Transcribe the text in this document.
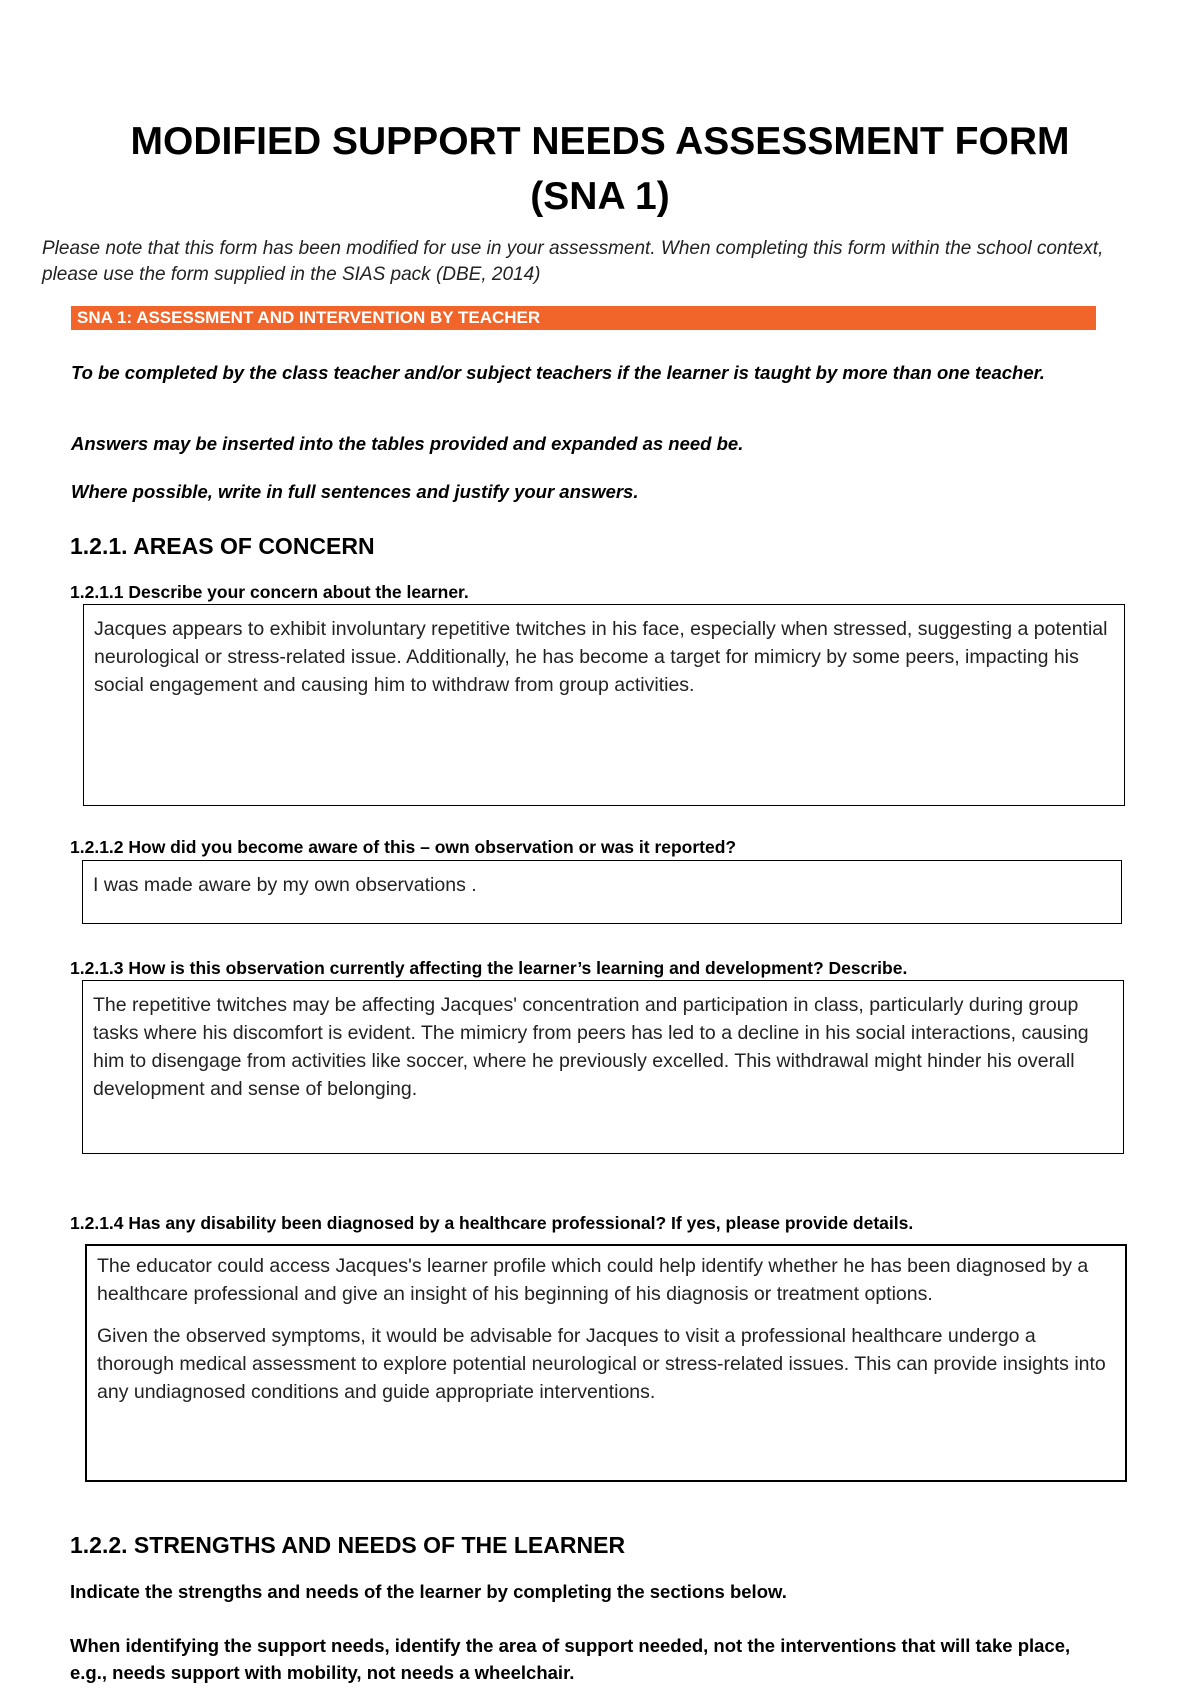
MODIFIED SUPPORT NEEDS ASSESSMENT FORM
(SNA 1)
Please note that this form has been modified for use in your assessment. When completing this form within the school context, please use the form supplied in the SIAS pack (DBE, 2014)
SNA 1: ASSESSMENT AND INTERVENTION BY TEACHER
To be completed by the class teacher and/or subject teachers if the learner is taught by more than one teacher.
Answers may be inserted into the tables provided and expanded as need be.
Where possible, write in full sentences and justify your answers.
1.2.1. AREAS OF CONCERN
1.2.1.1 Describe your concern about the learner.

Jacques appears to exhibit involuntary repetitive twitches in his face, especially when stressed, suggesting a potential neurological or stress-related issue. Additionally, he has become a target for mimicry by some peers, impacting his social engagement and causing him to withdraw from group activities.

1.2.1.2 How did you become aware of this – own observation or was it reported?

I was made aware by my own observations .

1.2.1.3 How is this observation currently affecting the learner’s learning and development? Describe.

The repetitive twitches may be affecting Jacques' concentration and participation in class, particularly during group tasks where his discomfort is evident. The mimicry from peers has led to a decline in his social interactions, causing him to disengage from activities like soccer, where he previously excelled. This withdrawal might hinder his overall development and sense of belonging.

1.2.1.4 Has any disability been diagnosed by a healthcare professional? If yes, please provide details.

The educator could access Jacques's learner profile which could help identify whether he has been diagnosed by a healthcare professional and give an insight of his beginning of his diagnosis or treatment options.

Given the observed symptoms, it would be advisable for Jacques to visit a professional healthcare undergo a thorough medical assessment to explore potential neurological or stress-related issues. This can provide insights into any undiagnosed conditions and guide appropriate interventions.

1.2.2. STRENGTHS AND NEEDS OF THE LEARNER
Indicate the strengths and needs of the learner by completing the sections below.
When identifying the support needs, identify the area of support needed, not the interventions that will take place, e.g., needs support with mobility, not needs a wheelchair.
